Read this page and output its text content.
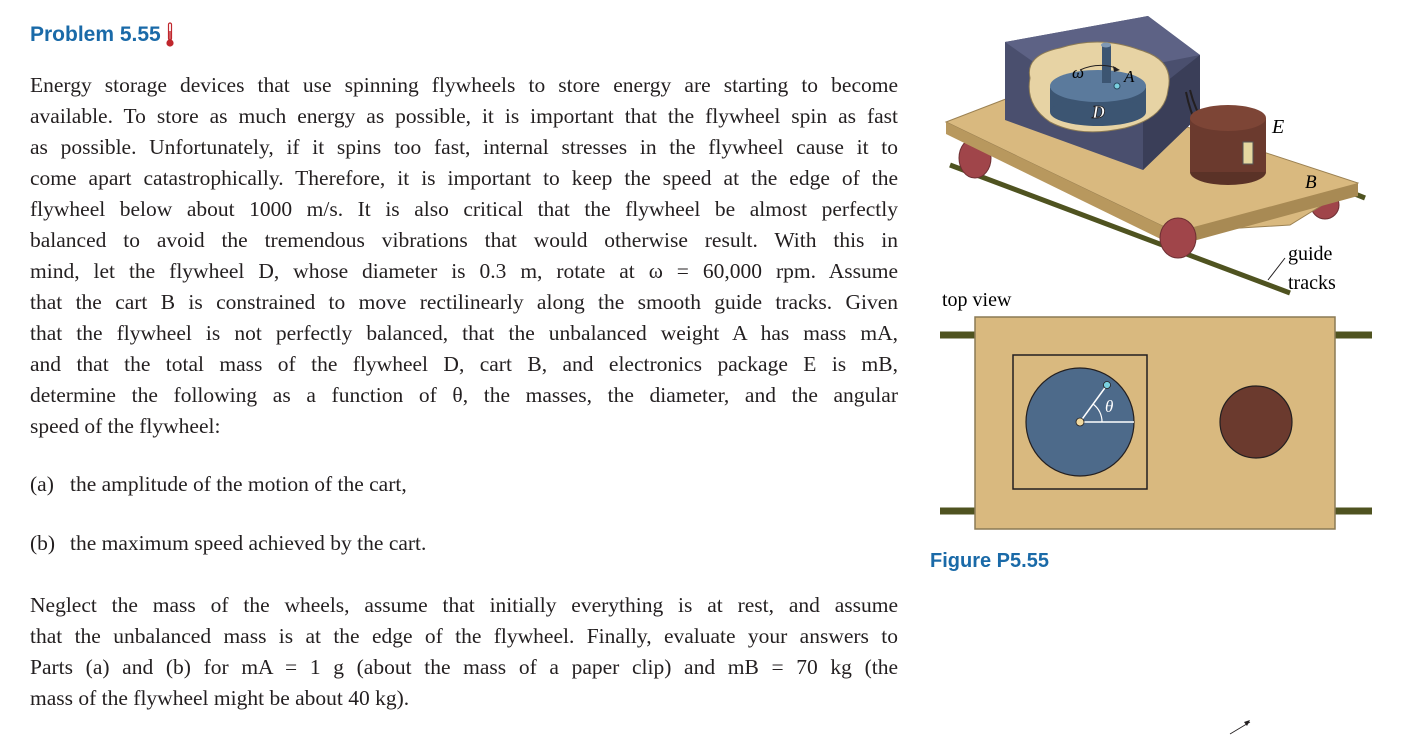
Problem 5.55

Energy storage devices that use spinning flywheels to store energy are starting to become

available. To store as much energy as possible, it is important that the flywheel spin as fast

as possible. Unfortunately, if it spins too fast, internal stresses in the flywheel cause it to

come apart catastrophically. Therefore, it is important to keep the speed at the edge of the

flywheel below about 1000 m/s. It is also critical that the flywheel be almost perfectly

balanced to avoid the tremendous vibrations that would otherwise result. With this in

mind, let the flywheel D, whose diameter is 0.3 m, rotate at ω = 60,000 rpm. Assume

that the cart B is constrained to move rectilinearly along the smooth guide tracks. Given

that the flywheel is not perfectly balanced, that the unbalanced weight A has mass mA,

and that the total mass of the flywheel D, cart B, and electronics package E is mB,

determine the following as a function of θ, the masses, the diameter, and the angular

speed of the flywheel:

(a) the amplitude of the motion of the cart,
(b) the maximum speed achieved by the cart.

Neglect the mass of the wheels, assume that initially everything is at rest, and assume

that the unbalanced mass is at the edge of the flywheel. Finally, evaluate your answers to

Parts (a) and (b) for mA = 1 g (about the mass of a paper clip) and mB = 70 kg (the

mass of the flywheel might be about 40 kg).

ω A
D
E
B
guide
tracks
top view
θ
Figure P5.55
